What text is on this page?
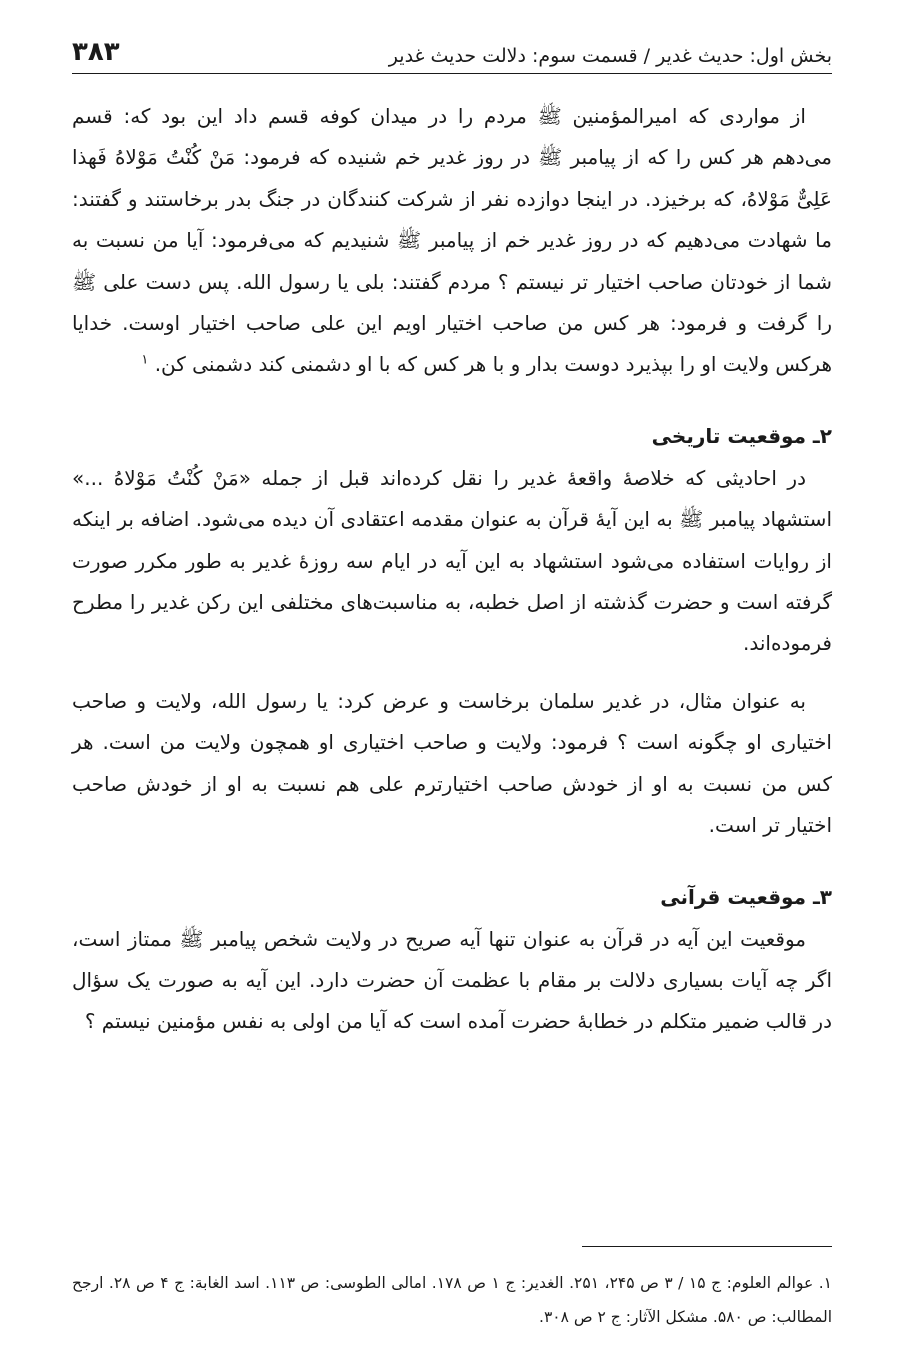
بخش اول: حدیث غدیر / قسمت سوم: دلالت حدیث غدیر
۳۸۳

از مواردی که امیرالمؤمنین ﷺ مردم را در میدان کوفه قسم داد این بود که: قسم می‌دهم هر کس را که از پیامبر ﷺ در روز غدیر خم شنیده که فرمود: مَنْ کُنْتُ مَوْلاهُ فَهذا عَلِیٌّ مَوْلاهُ، که برخیزد. در اینجا دوازده نفر از شرکت کنندگان در جنگ بدر برخاستند و گفتند: ما شهادت می‌دهیم که در روز غدیر خم از پیامبر ﷺ شنیدیم که می‌فرمود: آیا من نسبت به شما از خودتان صاحب اختیار تر نیستم ؟ مردم گفتند: بلی یا رسول الله. پس دست علی ﷺ را گرفت و فرمود: هر کس من صاحب اختیار اویم این علی صاحب اختیار اوست. خدایا هرکس ولایت او را بپذیرد دوست بدار و با هر کس که با او دشمنی کند دشمنی کن. $^۱$

۲ـ موقعیت تاریخی

در احادیثی که خلاصهٔ واقعهٔ غدیر را نقل کرده‌اند قبل از جمله «مَنْ کُنْتُ مَوْلاهُ ...» استشهاد پیامبر ﷺ به این آیهٔ قرآن به عنوان مقدمه اعتقادی آن دیده می‌شود. اضافه بر اینکه از روایات استفاده می‌شود استشهاد به این آیه در ایام سه روزهٔ غدیر به طور مکرر صورت گرفته است و حضرت گذشته از اصل خطبه، به مناسبت‌های مختلفی این رکن غدیر را مطرح فرموده‌اند.

به عنوان مثال، در غدیر سلمان برخاست و عرض کرد: یا رسول الله، ولایت و صاحب اختیاری او چگونه است ؟ فرمود: ولایت و صاحب اختیاری او همچون ولایت من است. هر کس من نسبت به او از خودش صاحب اختیارترم علی هم نسبت به او از خودش صاحب اختیار تر است.

۳ـ موقعیت قرآنی

موقعیت این آیه در قرآن به عنوان تنها آیه صریح در ولایت شخص پیامبر ﷺ ممتاز است، اگر چه آیات بسیاری دلالت بر مقام با عظمت آن حضرت دارد. این آیه به صورت یک سؤال در قالب ضمیر متکلم در خطابهٔ حضرت آمده است که آیا من اولی به نفس مؤمنین نیستم ؟

۱. عوالم العلوم: ج ۱۵ / ۳ ص ۲۴۵، ۲۵۱. الغدیر: ج ۱ ص ۱۷۸. امالی الطوسی: ص ۱۱۳. اسد الغابة: ج ۴ ص ۲۸. ارجح المطالب: ص ۵۸۰. مشکل الآثار: ج ۲ ص ۳۰۸.
